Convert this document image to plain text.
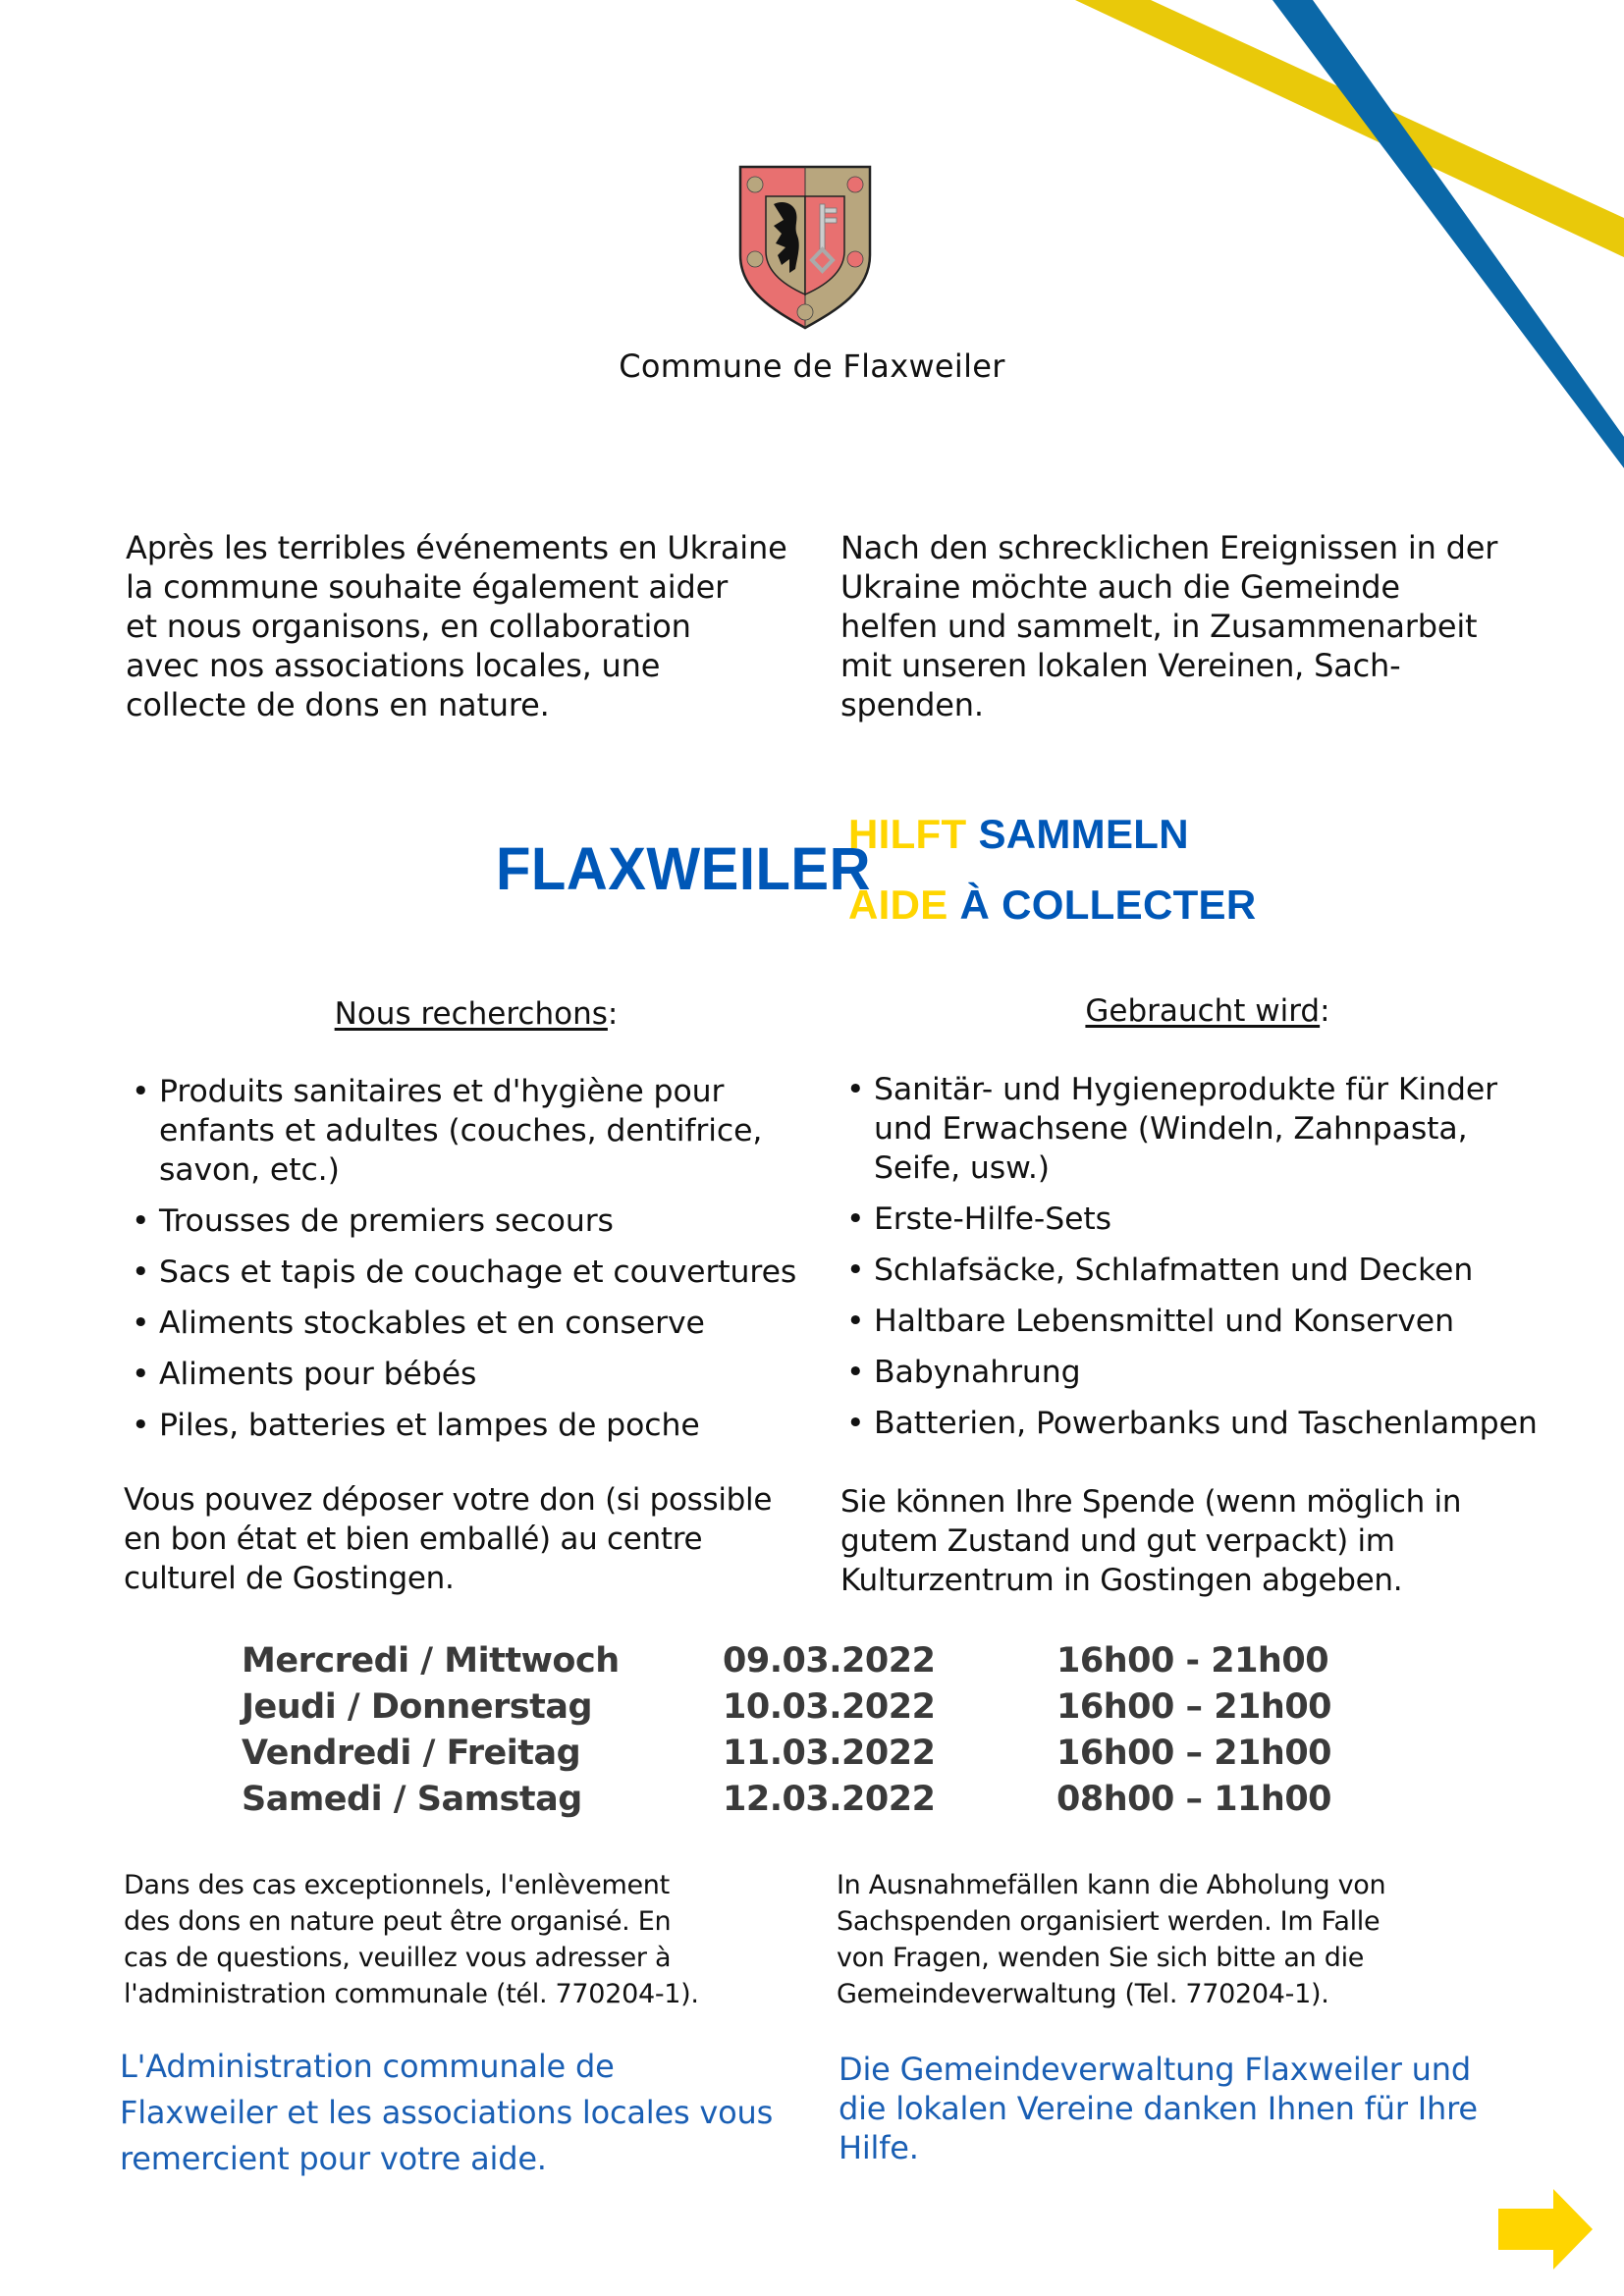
Commune de Flaxweiler
Après les terribles événements en Ukraine
la commune souhaite également aider
et nous organisons, en collaboration
avec nos associations locales, une
collecte de dons en nature.
Nach den schrecklichen Ereignissen in der
Ukraine möchte auch die Gemeinde
helfen und sammelt, in Zusammenarbeit
mit unseren lokalen Vereinen, Sach-
spenden.
FLAXWEILER
HILFT SAMMELN
AIDE À COLLECTER
Nous recherchons:	Gebraucht wird:
• Produits sanitaires et d'hygiène pour
enfants et adultes (couches, dentifrice,
savon, etc.)
• Trousses de premiers secours
• Sacs et tapis de couchage et couvertures
• Aliments stockables et en conserve
• Aliments pour bébés
• Piles, batteries et lampes de poche
• Sanitär- und Hygieneprodukte für Kinder
und Erwachsene (Windeln, Zahnpasta,
Seife, usw.)
• Erste-Hilfe-Sets
• Schlafsäcke, Schlafmatten und Decken
• Haltbare Lebensmittel und Konserven
• Babynahrung
• Batterien, Powerbanks und Taschenlampen
Vous pouvez déposer votre don (si possible
en bon état et bien emballé) au centre
culturel de Gostingen.
Sie können Ihre Spende (wenn möglich in
gutem Zustand und gut verpackt) im
Kulturzentrum in Gostingen abgeben.
Mercredi / Mittwoch	09.03.2022	16h00 - 21h00
Jeudi / Donnerstag	10.03.2022	16h00 – 21h00
Vendredi / Freitag	11.03.2022	16h00 – 21h00
Samedi / Samstag	12.03.2022	08h00 – 11h00
Dans des cas exceptionnels, l'enlèvement
des dons en nature peut être organisé. En
cas de questions, veuillez vous adresser à
l'administration communale (tél. 770204-1).
In Ausnahmefällen kann die Abholung von
Sachspenden organisiert werden. Im Falle
von Fragen, wenden Sie sich bitte an die
Gemeindeverwaltung (Tel. 770204-1).
L'Administration communale de
Flaxweiler et les associations locales vous
remercient pour votre aide.
Die Gemeindeverwaltung Flaxweiler und
die lokalen Vereine danken Ihnen für Ihre
Hilfe.
